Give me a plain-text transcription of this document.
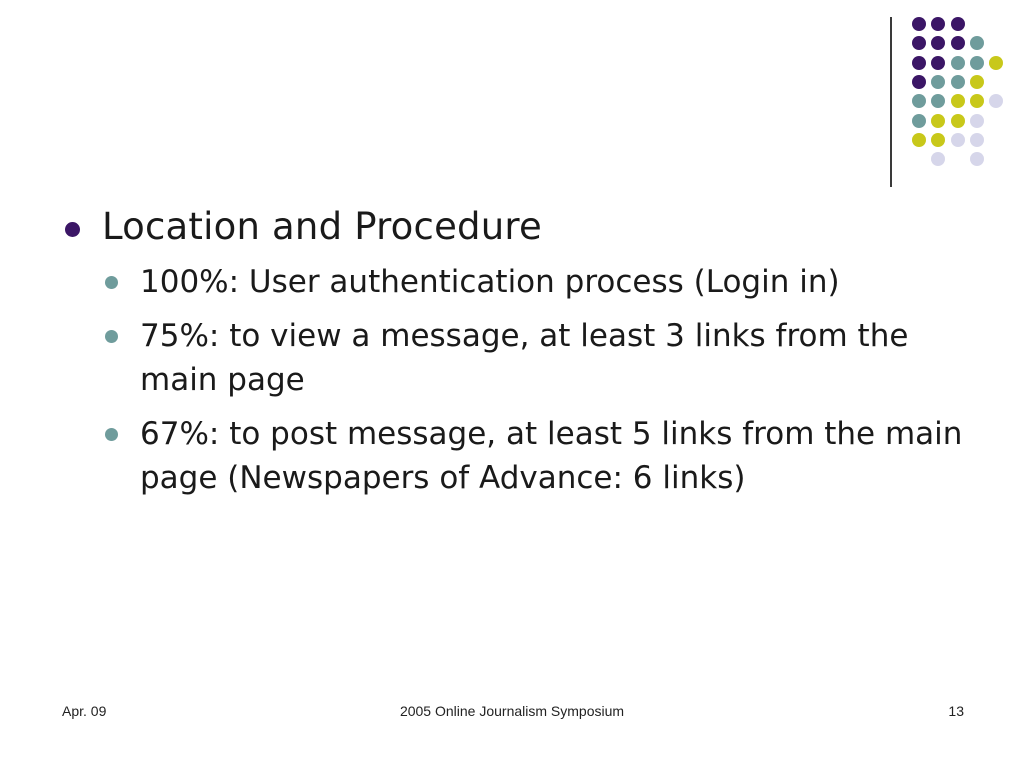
Location and Procedure
100%: User authentication process (Login in)
75%: to view a message, at least 3 links from the main page
67%: to post message, at least 5 links from the main page (Newspapers of Advance: 6 links)
Apr. 09	2005 Online Journalism Symposium	13
